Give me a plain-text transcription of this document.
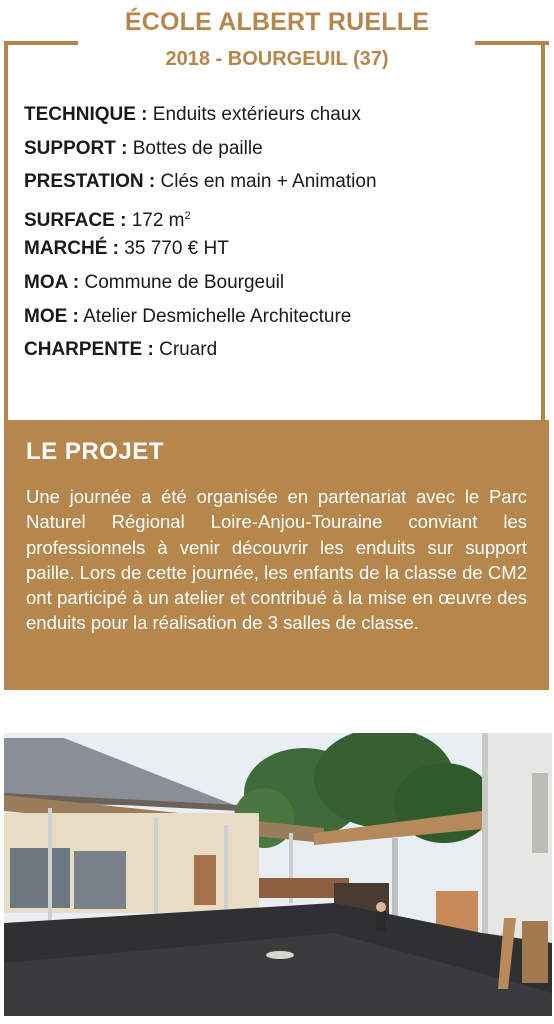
ÉCOLE ALBERT RUELLE
2018 - BOURGEUIL (37)
TECHNIQUE : Enduits extérieurs chaux
SUPPORT : Bottes de paille
PRESTATION : Clés en main + Animation
SURFACE : 172 $m^2$
MARCHÉ : 35 770 € HT
MOA : Commune de Bourgeuil
MOE : Atelier Desmichelle Architecture
CHARPENTE : Cruard
LE PROJET
Une journée a été organisée en partenariat avec le Parc Naturel Régional Loire-Anjou-Touraine conviant les professionnels à venir découvrir les enduits sur support paille. Lors de cette journée, les enfants de la classe de CM2 ont participé à un atelier et contribué à la mise en œuvre des enduits pour la réalisation de 3 salles de classe.
